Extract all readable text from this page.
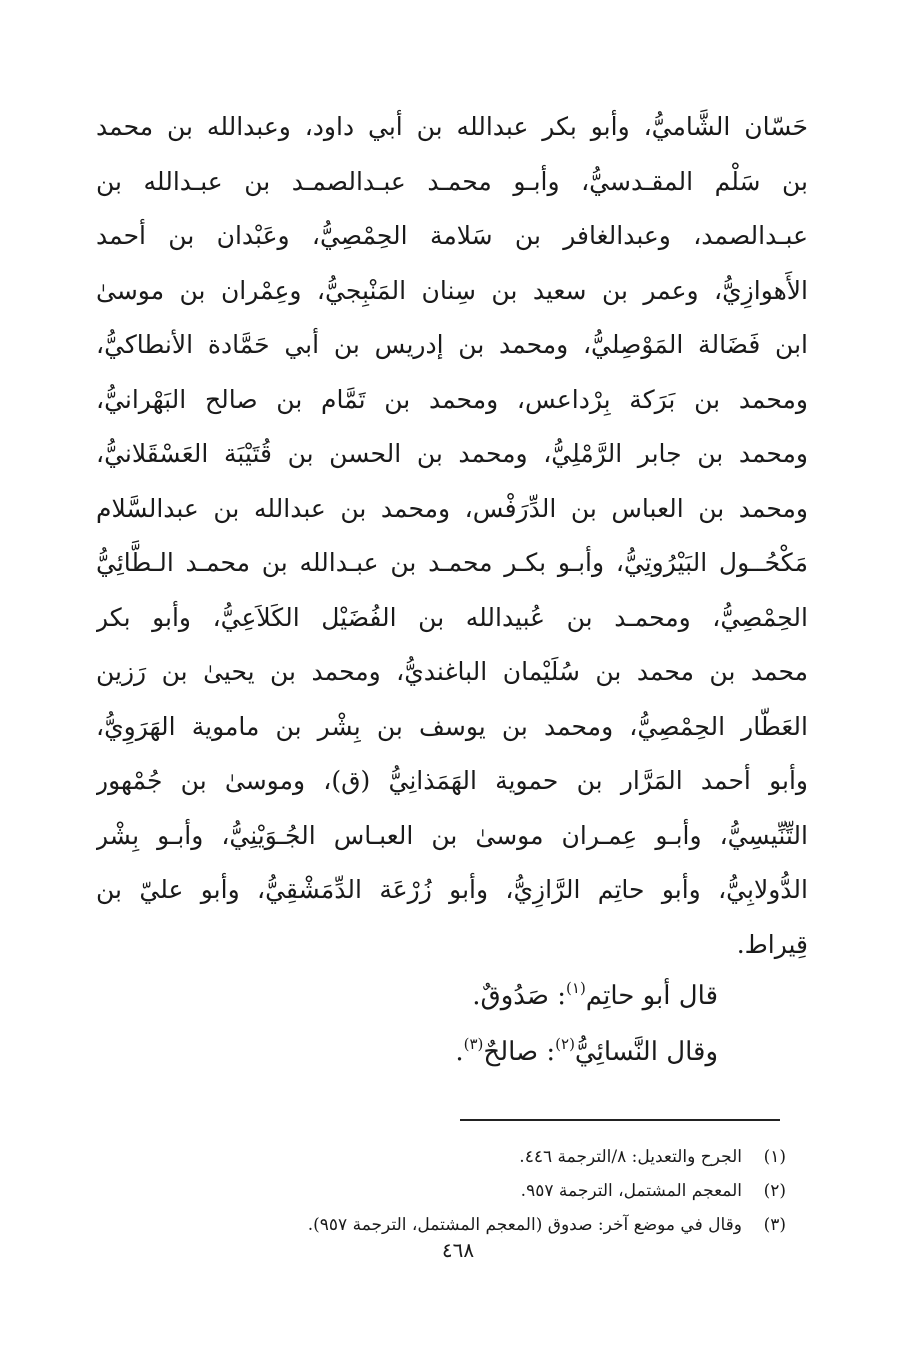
حَسّان الشَّاميُّ، وأبو بكر عبدالله بن أبي داود، وعبدالله بن محمد
بن سَلْم المقـدسيُّ، وأبـو محمـد عبـدالصمـد بن عبـدالله بن
عبـدالصمد، وعبدالغافر بن سَلامة الحِمْصِيُّ، وعَبْدان بن أحمد
الأَهوازِيُّ، وعمر بن سعيد بن سِنان المَنْبِجيُّ، وعِمْران بن موسىٰ
ابن فَضَالة المَوْصِليُّ، ومحمد بن إدريس بن أبي حَمَّادة الأنطاكيُّ،
ومحمد بن بَرَكة بِرْداعس، ومحمد بن تَمَّام بن صالح البَهْرانيُّ،
ومحمد بن جابر الرَّمْلِيُّ، ومحمد بن الحسن بن قُتَيْبَة العَسْقَلانيُّ،
ومحمد بن العباس بن الدِّرَفْس، ومحمد بن عبدالله بن عبدالسَّلام
مَكْحُــول البَيْرُوتِيُّ، وأبـو بكـر محمـد بن عبـدالله بن محمـد الـطَّائِيُّ
الحِمْصِيُّ، ومحمـد بن عُبيدالله بن الفُضَيْل الكَلاَعِيُّ، وأبو بكر
محمد بن محمد بن سُلَيْمان الباغنديُّ، ومحمد بن يحيىٰ بن رَزين
العَطّار الحِمْصِيُّ، ومحمد بن يوسف بن بِشْر بن ماموية الهَرَوِيُّ،
وأبو أحمد المَرَّار بن حموية الهَمَذانِيُّ (ق)، وموسىٰ بن جُمْهور
التِّنِّيسِيُّ، وأبـو عِمـران موسىٰ بن العبـاس الجُـوَيْنِيُّ، وأبـو بِشْر
الدُّولابِيُّ، وأبو حاتِم الرَّازِيُّ، وأبو زُرْعَة الدِّمَشْقِيُّ، وأبو عليّ بن
قِيراط.
قال أبو حاتِم$^{(١)}$: صَدُوقٌ.
وقال النَّسائِيُّ$^{(٢)}$: صالحٌ$^{(٣)}$.
(١)الجرح والتعديل: ٨/الترجمة ٤٤٦.
(٢)المعجم المشتمل، الترجمة ٩٥٧.
(٣)وقال في موضع آخر: صدوق (المعجم المشتمل، الترجمة ٩٥٧).
٤٦٨
